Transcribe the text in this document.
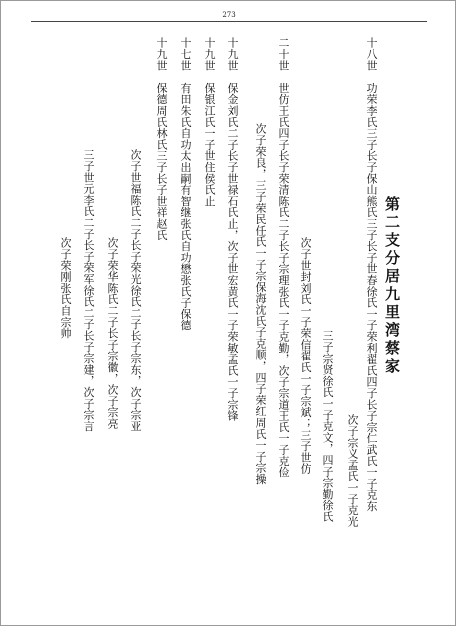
273
十八世　功荣李氏三子长子保山熊氏三子长子世春徐氏一子荣利翟氏四子长子宗仁武氏一子克东
次子宗义孟氏一子克光
三子宗贤徐氏一子克文，四子宗勤徐氏
第二支分居九里湾蔡家
次子世封刘氏一子荣信翟氏一子宗斌；三子世仿
二十世　世仿王氏四子长子荣清陈氏二子长子宗理张氏一子克勤，次子宗道王氏一子克俭
次子荣良，三子荣民任氏一子宗保海沈氏子克顺，四子荣红周氏一子宗操
十九世　保金刘氏二子长子世禄石氏止，次子世宏黄氏一子荣敏孟氏一子宗锋
十九世　保银江氏一子世住侯氏止
十七世　有田朱氏自功太出嗣有智继张氏自功懋张氏子保德
十九世　保德周氏林氏三子长子世祥赵氏
次子世福陈氏二子长子荣光徐氏二子长子宗东，次子宗亚
次子荣华陈氏二子长子宗徽，次子宗亮
三子世元李氏二子长子荣军徐氏二子长子宗建，次子宗言
次子荣刚张氏自宗帅
